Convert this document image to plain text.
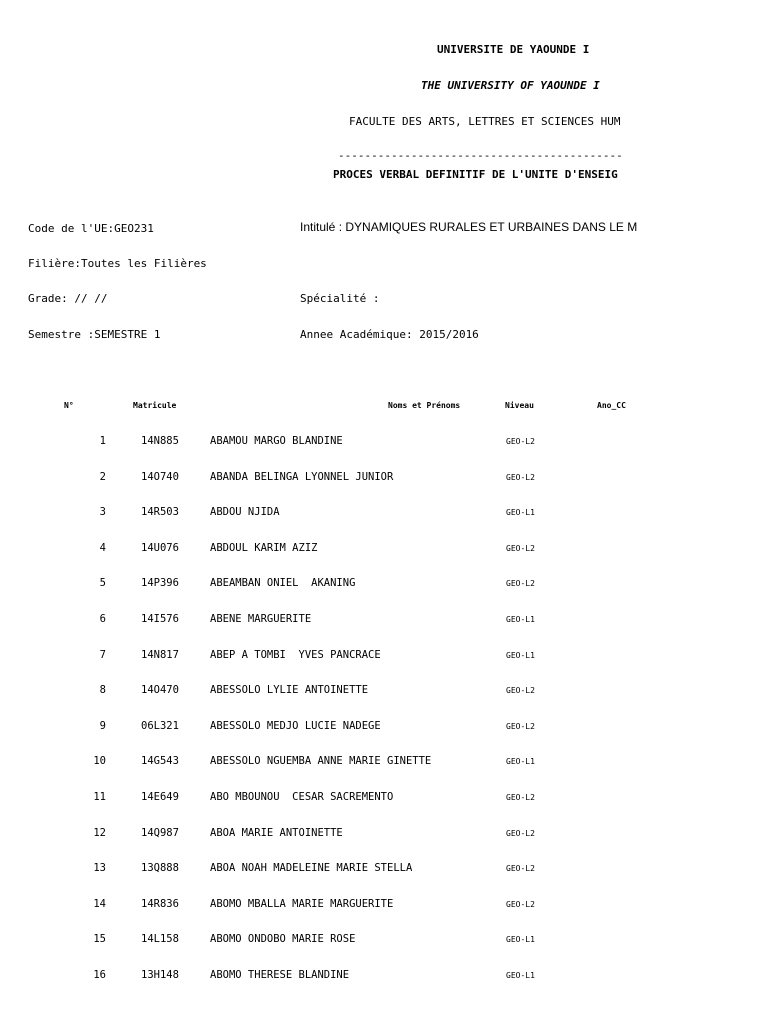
UNIVERSITE DE YAOUNDE I
THE UNIVERSITY OF YAOUNDE I
FACULTE DES ARTS, LETTRES ET SCIENCES HUM
-------------------------------------------
PROCES VERBAL DEFINITIF DE L'UNITE D'ENSEIG
Code de l'UE:GEO231	Intitulé : DYNAMIQUES RURALES ET URBAINES DANS LE M
Filière:Toutes les Filières
Grade: // //	Spécialité :
Semestre :SEMESTRE 1	Annee Académique: 2015/2016
N°	Matricule	Noms et Prénoms	Niveau	Ano_CC
1	14N885	ABAMOU MARGO BLANDINE	GEO-L2
2	14O740	ABANDA BELINGA LYONNEL JUNIOR	GEO-L2
3	14R503	ABDOU NJIDA	GEO-L1
4	14U076	ABDOUL KARIM AZIZ	GEO-L2
5	14P396	ABEAMBAN ONIEL  AKANING	GEO-L2
6	14I576	ABENE MARGUERITE	GEO-L1
7	14N817	ABEP A TOMBI  YVES PANCRACE	GEO-L1
8	14O470	ABESSOLO LYLIE ANTOINETTE	GEO-L2
9	06L321	ABESSOLO MEDJO LUCIE NADEGE	GEO-L2
10	14G543	ABESSOLO NGUEMBA ANNE MARIE GINETTE	GEO-L1
11	14E649	ABO MBOUNOU  CESAR SACREMENTO	GEO-L2
12	14Q987	ABOA MARIE ANTOINETTE	GEO-L2
13	13Q888	ABOA NOAH MADELEINE MARIE STELLA	GEO-L2
14	14R836	ABOMO MBALLA MARIE MARGUERITE	GEO-L2
15	14L158	ABOMO ONDOBO MARIE ROSE	GEO-L1
16	13H148	ABOMO THERESE BLANDINE	GEO-L1
